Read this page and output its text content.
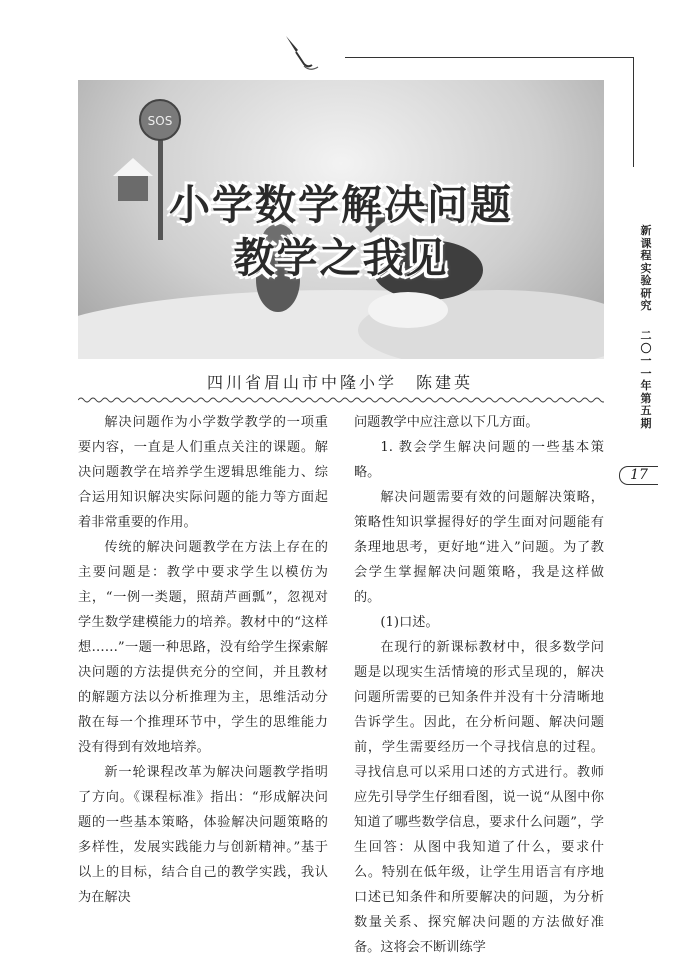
SOS
小学数学解决问题
教学之我见
四川省眉山市中隆小学　陈建英

解决问题作为小学数学教学的一项重要内容，一直是人们重点关注的课题。解决问题教学在培养学生逻辑思维能力、综合运用知识解决实际问题的能力等方面起着非常重要的作用。

传统的解决问题教学在方法上存在的主要问题是：教学中要求学生以模仿为主，“一例一类题，照葫芦画瓢”，忽视对学生数学建模能力的培养。教材中的“这样想……”一题一种思路，没有给学生探索解决问题的方法提供充分的空间，并且教材的解题方法以分析推理为主，思维活动分散在每一个推理环节中，学生的思维能力没有得到有效地培养。

新一轮课程改革为解决问题教学指明了方向。《课程标准》指出：“形成解决问题的一些基本策略，体验解决问题策略的多样性，发展实践能力与创新精神。”基于以上的目标，结合自己的教学实践，我认为在解决

问题教学中应注意以下几方面。

1. 教会学生解决问题的一些基本策略。

解决问题需要有效的问题解决策略，策略性知识掌握得好的学生面对问题能有条理地思考，更好地“进入”问题。为了教会学生掌握解决问题策略，我是这样做的。

(1)口述。

在现行的新课标教材中，很多数学问题是以现实生活情境的形式呈现的，解决问题所需要的已知条件并没有十分清晰地告诉学生。因此，在分析问题、解决问题前，学生需要经历一个寻找信息的过程。寻找信息可以采用口述的方式进行。教师应先引导学生仔细看图，说一说“从图中你知道了哪些数学信息，要求什么问题”，学生回答：从图中我知道了什么，要求什么。特别在低年级，让学生用语言有序地口述已知条件和所要解决的问题，为分析数量关系、探究解决问题的方法做好准备。这将会不断训练学

新
课
程
实
验
研
究
二
〇
一
一
年
第
五
期
17
